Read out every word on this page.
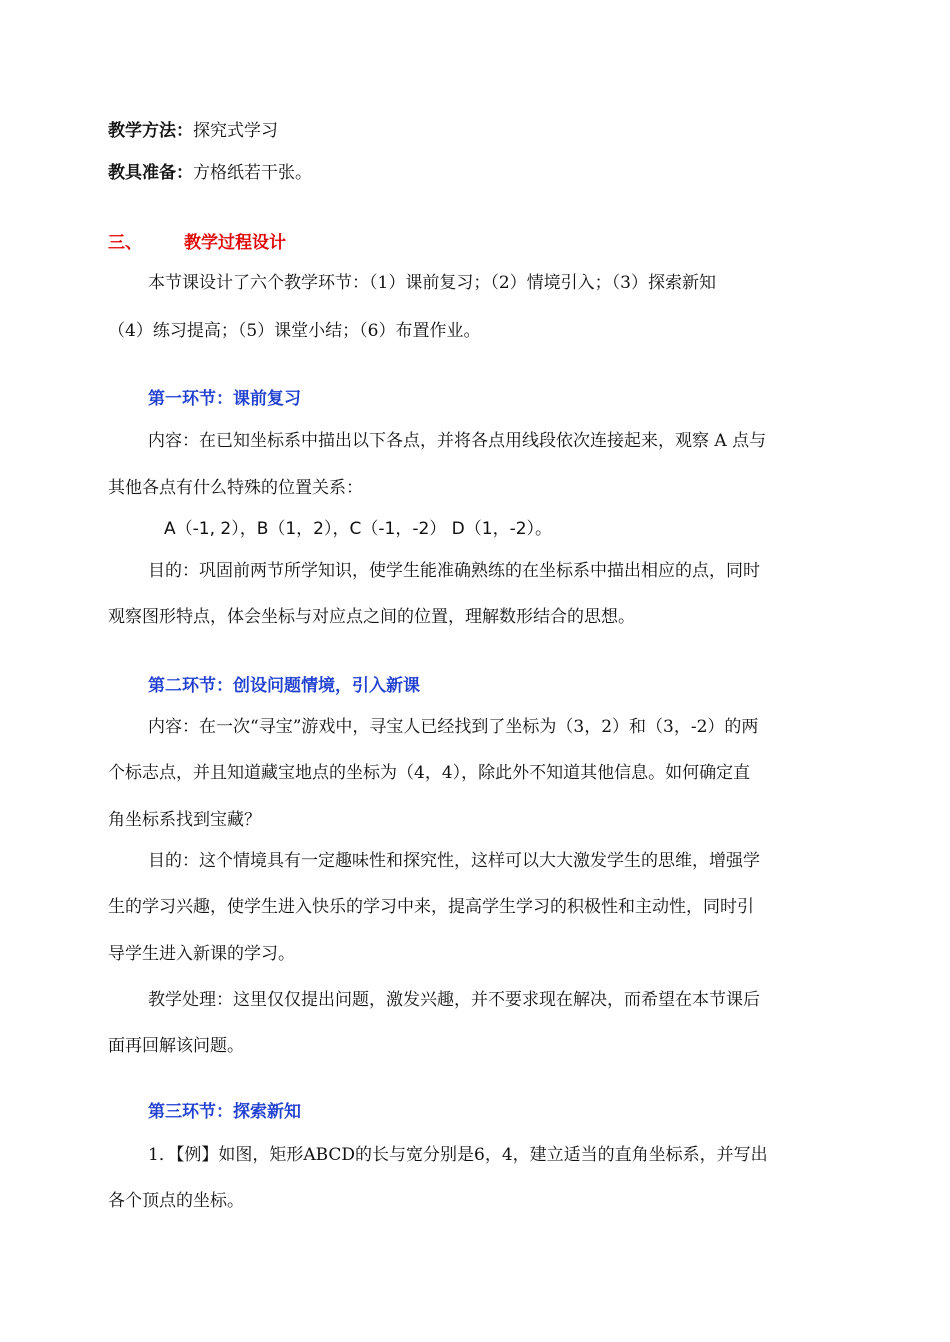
教学方法：探究式学习

教具准备：方格纸若干张。

三、 教学过程设计

本节课设计了六个教学环节：（1）课前复习；（2）情境引入；（3）探索新知

（4）练习提高；（5）课堂小结；（6）布置作业。

第一环节：课前复习

内容：在已知坐标系中描出以下各点，并将各点用线段依次连接起来，观察 A 点与

其他各点有什么特殊的位置关系：

A（-1, 2），B（1，2），C（-1，-2） D（1，-2）。

目的：巩固前两节所学知识，使学生能准确熟练的在坐标系中描出相应的点，同时

观察图形特点，体会坐标与对应点之间的位置，理解数形结合的思想。

第二环节：创设问题情境，引入新课

内容：在一次“寻宝”游戏中，寻宝人已经找到了坐标为（3，2）和（3，-2）的两

个标志点，并且知道藏宝地点的坐标为（4，4），除此外不知道其他信息。如何确定直

角坐标系找到宝藏？

目的：这个情境具有一定趣味性和探究性，这样可以大大激发学生的思维，增强学

生的学习兴趣，使学生进入快乐的学习中来，提高学生学习的积极性和主动性，同时引

导学生进入新课的学习。

教学处理：这里仅仅提出问题，激发兴趣，并不要求现在解决，而希望在本节课后

面再回解该问题。

第三环节：探索新知

1．【例】如图，矩形ABCD的长与宽分别是6，4，建立适当的直角坐标系，并写出

各个顶点的坐标。
